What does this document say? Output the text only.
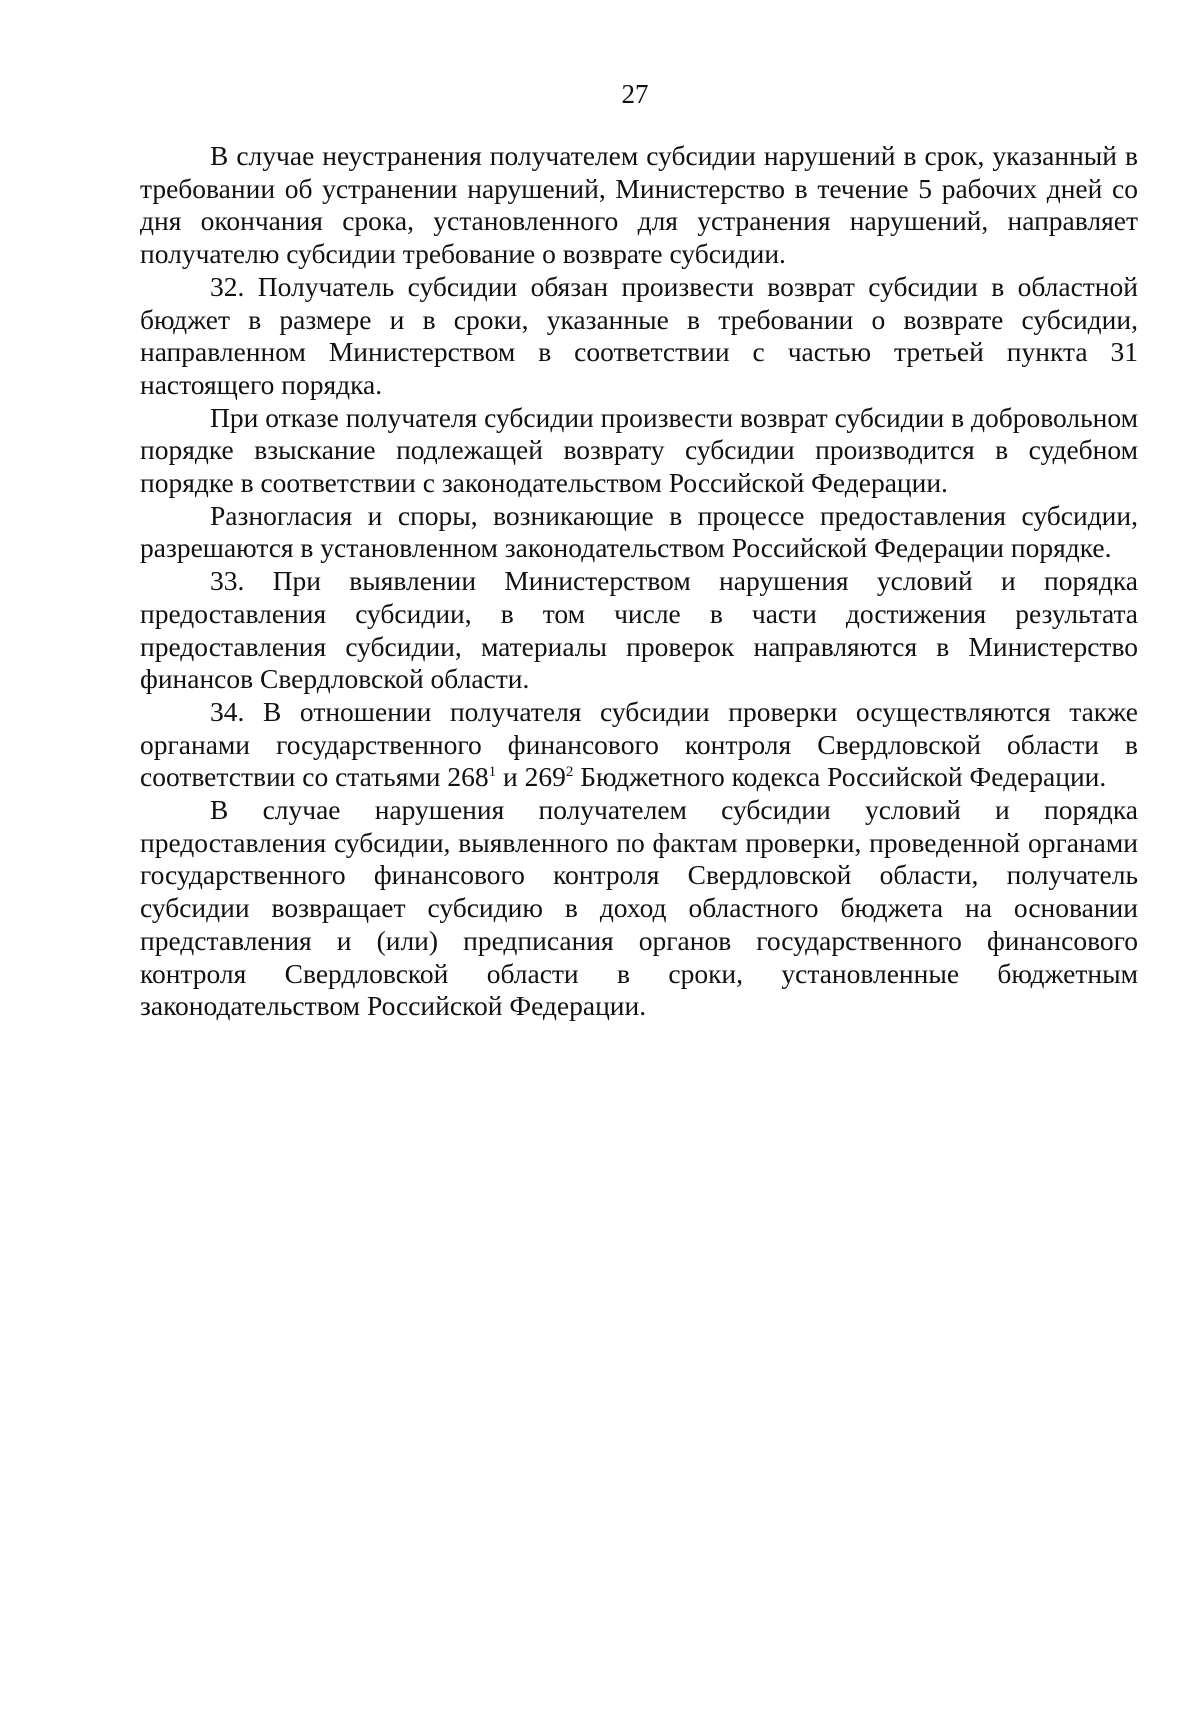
27

В случае неустранения получателем субсидии нарушений в срок, указанный в требовании об устранении нарушений, Министерство в течение 5 рабочих дней со дня окончания срока, установленного для устранения нарушений, направляет получателю субсидии требование о возврате субсидии.

32. Получатель субсидии обязан произвести возврат субсидии в областной бюджет в размере и в сроки, указанные в требовании о возврате субсидии, направленном Министерством в соответствии с частью третьей пункта 31 настоящего порядка.

При отказе получателя субсидии произвести возврат субсидии в добровольном порядке взыскание подлежащей возврату субсидии производится в судебном порядке в соответствии с законодательством Российской Федерации.

Разногласия и споры, возникающие в процессе предоставления субсидии, разрешаются в установленном законодательством Российской Федерации порядке.

33. При выявлении Министерством нарушения условий и порядка предоставления субсидии, в том числе в части достижения результата предоставления субсидии, материалы проверок направляются в Министерство финансов Свердловской области.

34. В отношении получателя субсидии проверки осуществляются также органами государственного финансового контроля Свердловской области в соответствии со статьями $268^1$ и $269^2$ Бюджетного кодекса Российской Федерации.

В случае нарушения получателем субсидии условий и порядка предоставления субсидии, выявленного по фактам проверки, проведенной органами государственного финансового контроля Свердловской области, получатель субсидии возвращает субсидию в доход областного бюджета на основании представления и (или) предписания органов государственного финансового контроля Свердловской области в сроки, установленные бюджетным законодательством Российской Федерации.
